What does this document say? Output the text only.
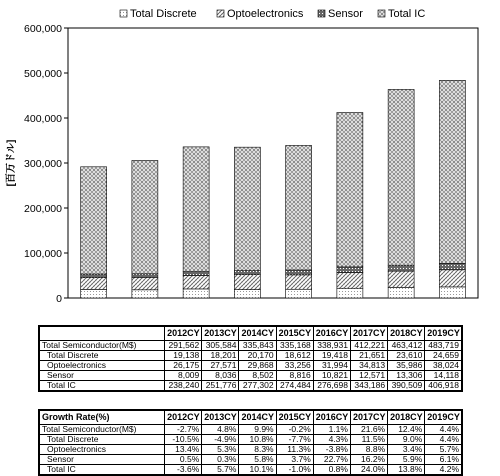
Total Discrete	Optoelectronics Sensor Total IC
0
100,000
200,000
300,000
400,000
500,000
600,000
[百万ドル]
	2012CY	2013CY	2014CY	2015CY	2016CY	2017CY	2018CY	2019CY
Total Semiconductor(M$)	291,562	305,584	335,843	335,168	338,931	412,221	463,412	483,719
Total Discrete	19,138	18,201	20,170	18,612	19,418	21,651	23,610	24,659
Optoelectronics	26,175	27,571	29,868	33,256	31,994	34,813	35,986	38,024
Sensor	8,009	8,036	8,502	8,816	10,821	12,571	13,306	14,118
Total IC	238,240	251,776	277,302	274,484	276,698	343,186	390,509	406,918
Growth Rate(%)	2012CY	2013CY	2014CY	2015CY	2016CY	2017CY	2018CY	2019CY
Total Semiconductor(M$)	-2.7%	4.8%	9.9%	-0.2%	1.1%	21.6%	12.4%	4.4%
Total Discrete	-10.5%	-4.9%	10.8%	-7.7%	4.3%	11.5%	9.0%	4.4%
Optoelectronics	13.4%	5.3%	8.3%	11.3%	-3.8%	8.8%	3.4%	5.7%
Sensor	0.5%	0.3%	5.8%	3.7%	22.7%	16.2%	5.9%	6.1%
Total IC	-3.6%	5.7%	10.1%	-1.0%	0.8%	24.0%	13.8%	4.2%
